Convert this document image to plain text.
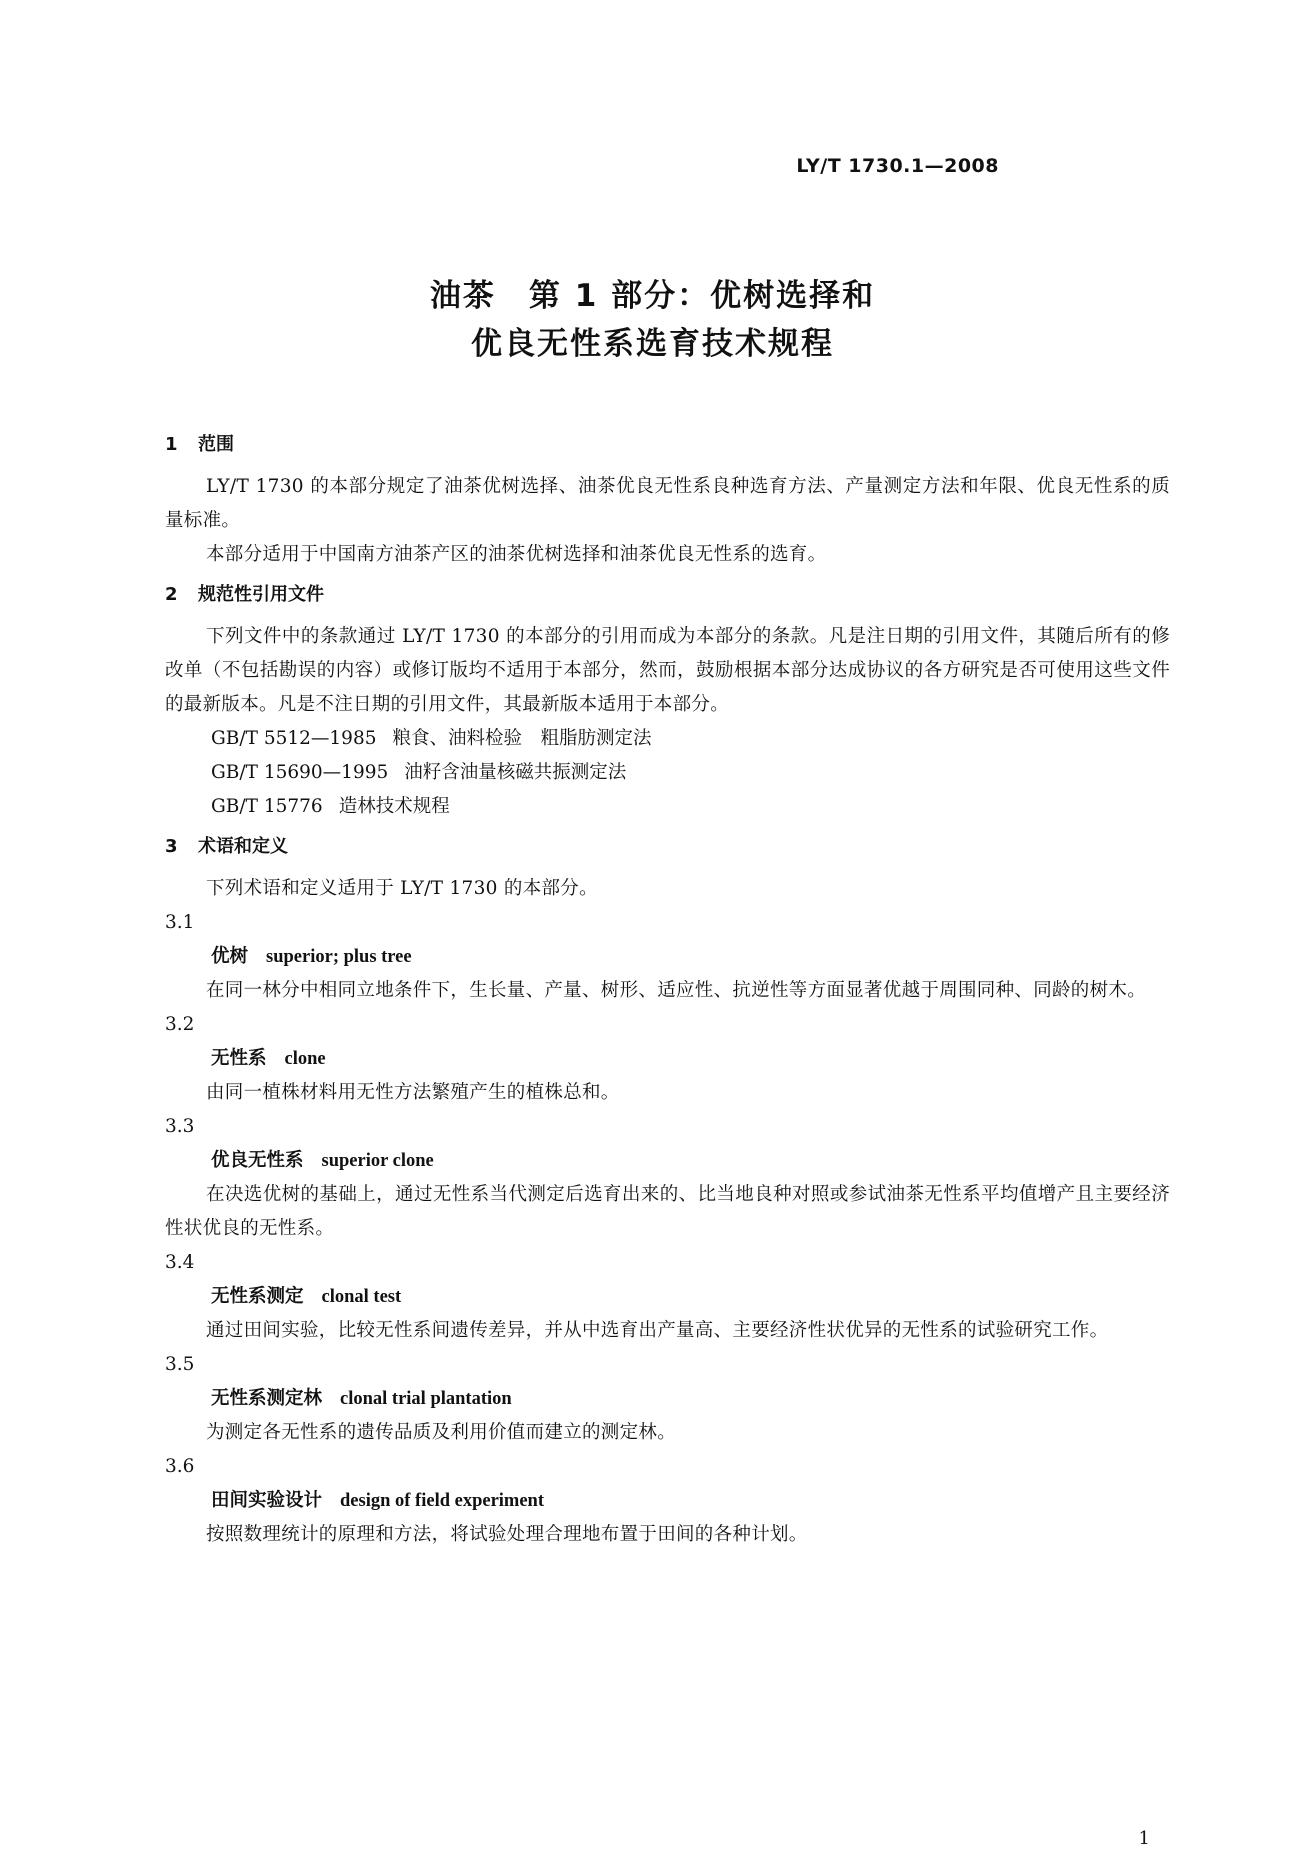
LY/T 1730.1—2008
油茶　第 1 部分：优树选择和
优良无性系选育技术规程
1 范围

LY/T 1730 的本部分规定了油茶优树选择、油茶优良无性系良种选育方法、产量测定方法和年限、优良无性系的质量标准。

本部分适用于中国南方油茶产区的油茶优树选择和油茶优良无性系的选育。

2 规范性引用文件

下列文件中的条款通过 LY/T 1730 的本部分的引用而成为本部分的条款。凡是注日期的引用文件，其随后所有的修改单（不包括勘误的内容）或修订版均不适用于本部分，然而，鼓励根据本部分达成协议的各方研究是否可使用这些文件的最新版本。凡是不注日期的引用文件，其最新版本适用于本部分。

GB/T 5512—1985 粮食、油料检验　粗脂肪测定法
GB/T 15690—1995 油籽含油量核磁共振测定法
GB/T 15776 造林技术规程
3 术语和定义

下列术语和定义适用于 LY/T 1730 的本部分。

3.1

优树 superior; plus tree

在同一林分中相同立地条件下，生长量、产量、树形、适应性、抗逆性等方面显著优越于周围同种、同龄的树木。

3.2

无性系 clone

由同一植株材料用无性方法繁殖产生的植株总和。

3.3

优良无性系 superior clone

在决选优树的基础上，通过无性系当代测定后选育出来的、比当地良种对照或参试油茶无性系平均值增产且主要经济性状优良的无性系。

3.4

无性系测定 clonal test

通过田间实验，比较无性系间遗传差异，并从中选育出产量高、主要经济性状优异的无性系的试验研究工作。

3.5

无性系测定林 clonal trial plantation

为测定各无性系的遗传品质及利用价值而建立的测定林。

3.6

田间实验设计 design of field experiment

按照数理统计的原理和方法，将试验处理合理地布置于田间的各种计划。

1
